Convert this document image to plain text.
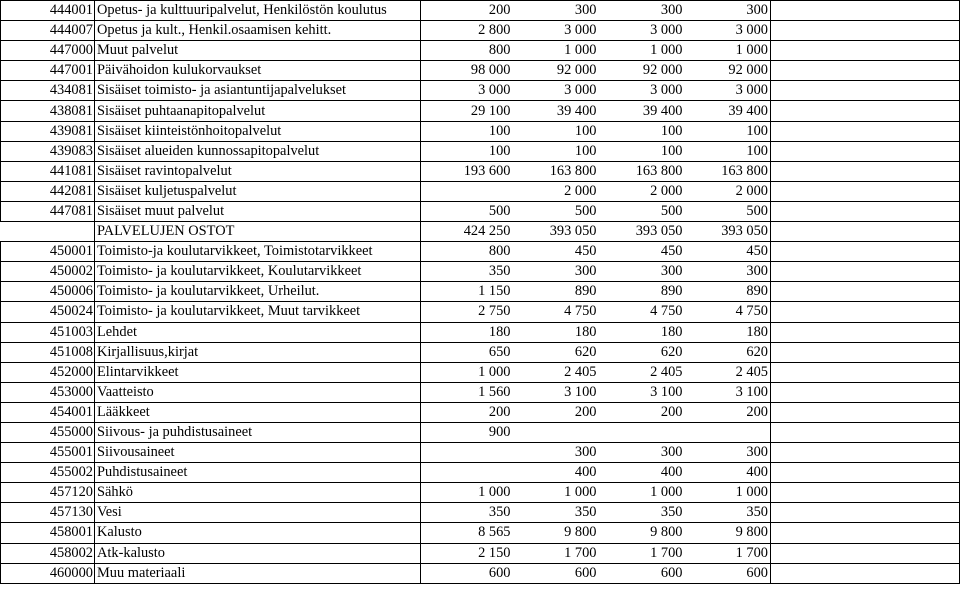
444001	Opetus- ja kulttuuripalvelut, Henkilöstön koulutus	200	300	300	300	
444007	Opetus ja kult., Henkil.osaamisen kehitt.	2 800	3 000	3 000	3 000	
447000	Muut palvelut	800	1 000	1 000	1 000	
447001	Päivähoidon kulukorvaukset	98 000	92 000	92 000	92 000	
434081	Sisäiset toimisto- ja asiantuntijapalvelukset	3 000	3 000	3 000	3 000	
438081	Sisäiset puhtaanapitopalvelut	29 100	39 400	39 400	39 400	
439081	Sisäiset kiinteistönhoitopalvelut	100	100	100	100	
439083	Sisäiset alueiden kunnossapitopalvelut	100	100	100	100	
441081	Sisäiset ravintopalvelut	193 600	163 800	163 800	163 800	
442081	Sisäiset kuljetuspalvelut		2 000	2 000	2 000	
447081	Sisäiset muut palvelut	500	500	500	500	
	PALVELUJEN OSTOT	424 250	393 050	393 050	393 050	
450001	Toimisto-ja koulutarvikkeet, Toimistotarvikkeet	800	450	450	450	
450002	Toimisto- ja koulutarvikkeet, Koulutarvikkeet	350	300	300	300	
450006	Toimisto- ja koulutarvikkeet, Urheilut.	1 150	890	890	890	
450024	Toimisto- ja koulutarvikkeet, Muut tarvikkeet	2 750	4 750	4 750	4 750	
451003	Lehdet	180	180	180	180	
451008	Kirjallisuus,kirjat	650	620	620	620	
452000	Elintarvikkeet	1 000	2 405	2 405	2 405	
453000	Vaatteisto	1 560	3 100	3 100	3 100	
454001	Lääkkeet	200	200	200	200	
455000	Siivous- ja puhdistusaineet	900				
455001	Siivousaineet		300	300	300	
455002	Puhdistusaineet		400	400	400	
457120	Sähkö	1 000	1 000	1 000	1 000	
457130	Vesi	350	350	350	350	
458001	Kalusto	8 565	9 800	9 800	9 800	
458002	Atk-kalusto	2 150	1 700	1 700	1 700	
460000	Muu materiaali	600	600	600	600	
